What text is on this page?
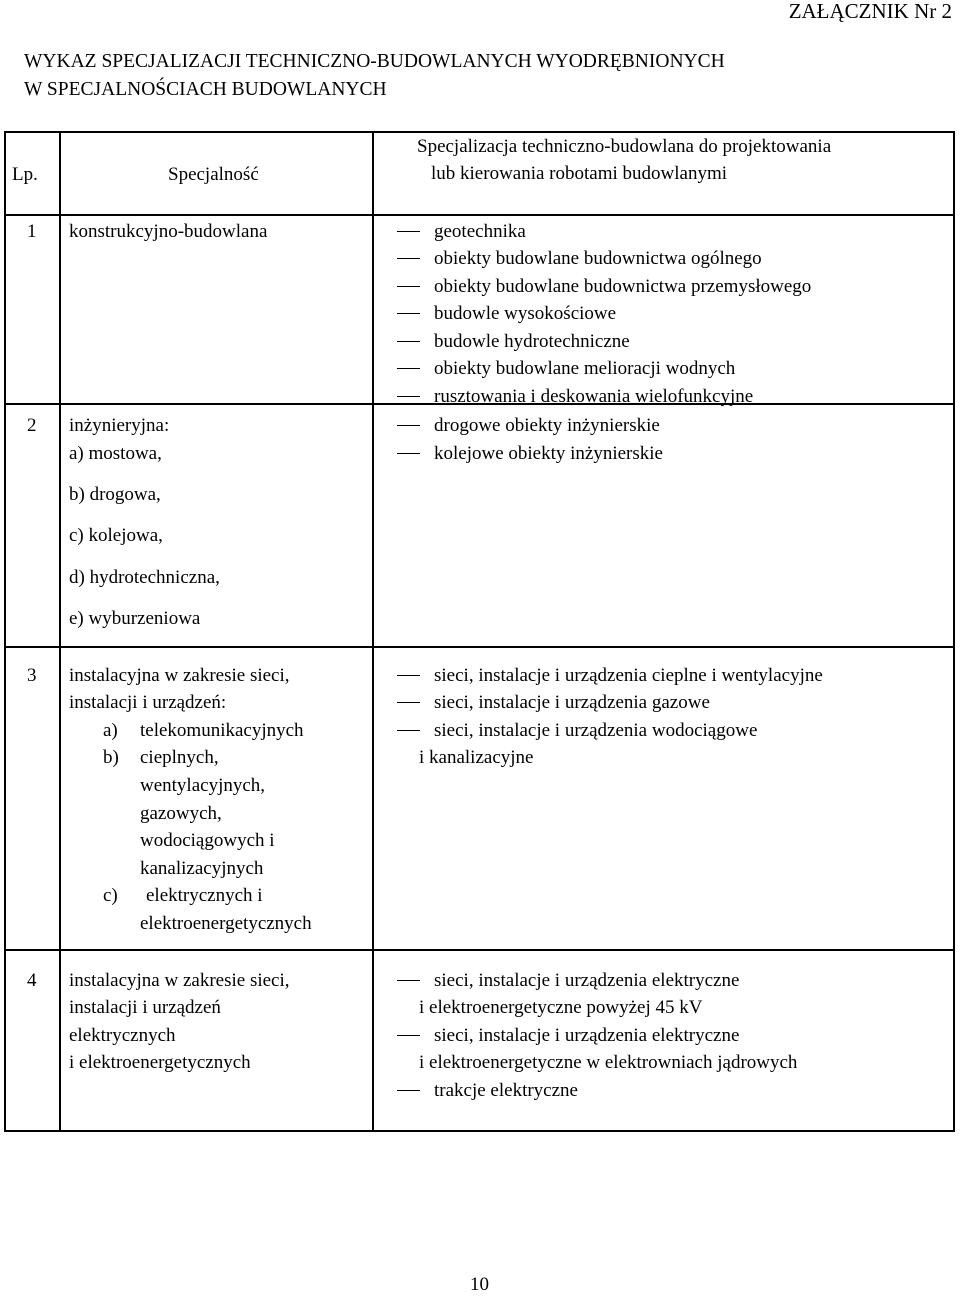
ZAŁĄCZNIK Nr 2
WYKAZ SPECJALIZACJI TECHNICZNO-BUDOWLANYCH WYODRĘBNIONYCH
W SPECJALNOŚCIACH BUDOWLANYCH
Lp.	Specjalność
Specjalizacja techniczno-budowlana do projektowania
lub kierowania robotami budowlanymi
1 konstrukcyjno-budowlana	geotechnika
obiekty budowlane budownictwa ogólnego
obiekty budowlane budownictwa przemysłowego
budowle wysokościowe
budowle hydrotechniczne
obiekty budowlane melioracji wodnych
rusztowania i deskowania wielofunkcyjne
2 inżynieryjna:
a) mostowa,
b) drogowa,
c) kolejowa,
d) hydrotechniczna,
e) wyburzeniowa
drogowe obiekty inżynierskie
kolejowe obiekty inżynierskie
3 instalacyjna w zakresie sieci,
instalacji i urządzeń:
a) telekomunikacyjnych
b) cieplnych,
wentylacyjnych,
gazowych,
wodociągowych i
kanalizacyjnych
c) elektrycznych i
elektroenergetycznych
sieci, instalacje i urządzenia cieplne i wentylacyjne
sieci, instalacje i urządzenia gazowe
sieci, instalacje i urządzenia wodociągowe
i kanalizacyjne
4 instalacyjna w zakresie sieci,
instalacji i urządzeń
elektrycznych
i elektroenergetycznych
sieci, instalacje i urządzenia elektryczne
i elektroenergetyczne powyżej 45 kV
sieci, instalacje i urządzenia elektryczne
i elektroenergetyczne w elektrowniach jądrowych
trakcje elektryczne
10
